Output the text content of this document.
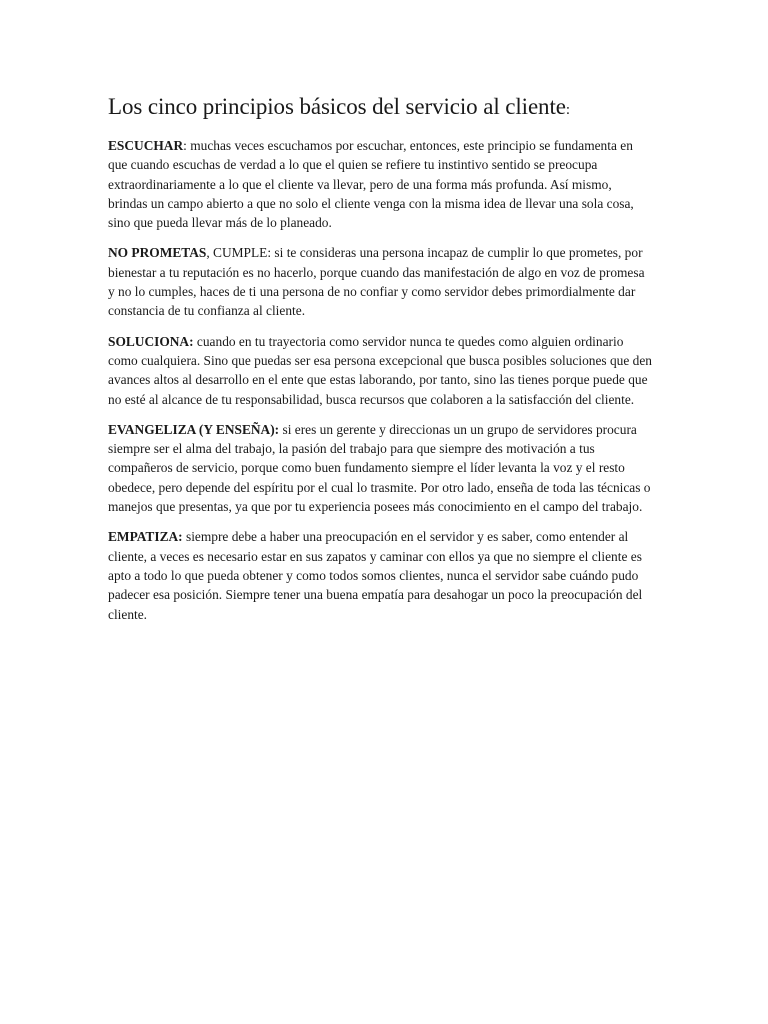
Los cinco principios básicos del servicio al cliente:

ESCUCHAR: muchas veces escuchamos por escuchar, entonces, este principio se fundamenta en que cuando escuchas de verdad a lo que el quien se refiere tu instintivo sentido se preocupa extraordinariamente a lo que el cliente va llevar, pero de una forma más profunda. Así mismo, brindas un campo abierto a que no solo el cliente venga con la misma idea de llevar una sola cosa, sino que pueda llevar más de lo planeado.

NO PROMETAS, CUMPLE: si te consideras una persona incapaz de cumplir lo que prometes, por bienestar a tu reputación es no hacerlo, porque cuando das manifestación de algo en voz de promesa y no lo cumples, haces de ti una persona de no confiar y como servidor debes primordialmente dar constancia de tu confianza al cliente.

SOLUCIONA: cuando en tu trayectoria como servidor nunca te quedes como alguien ordinario como cualquiera. Sino que puedas ser esa persona excepcional que busca posibles soluciones que den avances altos al desarrollo en el ente que estas laborando, por tanto, sino las tienes porque puede que no esté al alcance de tu responsabilidad, busca recursos que colaboren a la satisfacción del cliente.

EVANGELIZA (Y ENSEÑA): si eres un gerente y direccionas un un grupo de servidores procura siempre ser el alma del trabajo, la pasión del trabajo para que siempre des motivación a tus compañeros de servicio, porque como buen fundamento siempre el líder levanta la voz y el resto obedece, pero depende del espíritu por el cual lo trasmite. Por otro lado, enseña de toda las técnicas o manejos que presentas, ya que por tu experiencia posees más conocimiento en el campo del trabajo.

EMPATIZA: siempre debe a haber una preocupación en el servidor y es saber, como entender al cliente, a veces es necesario estar en sus zapatos y caminar con ellos ya que no siempre el cliente es apto a todo lo que pueda obtener y como todos somos clientes, nunca el servidor sabe cuándo pudo padecer esa posición. Siempre tener una buena empatía para desahogar un poco la preocupación del cliente.
